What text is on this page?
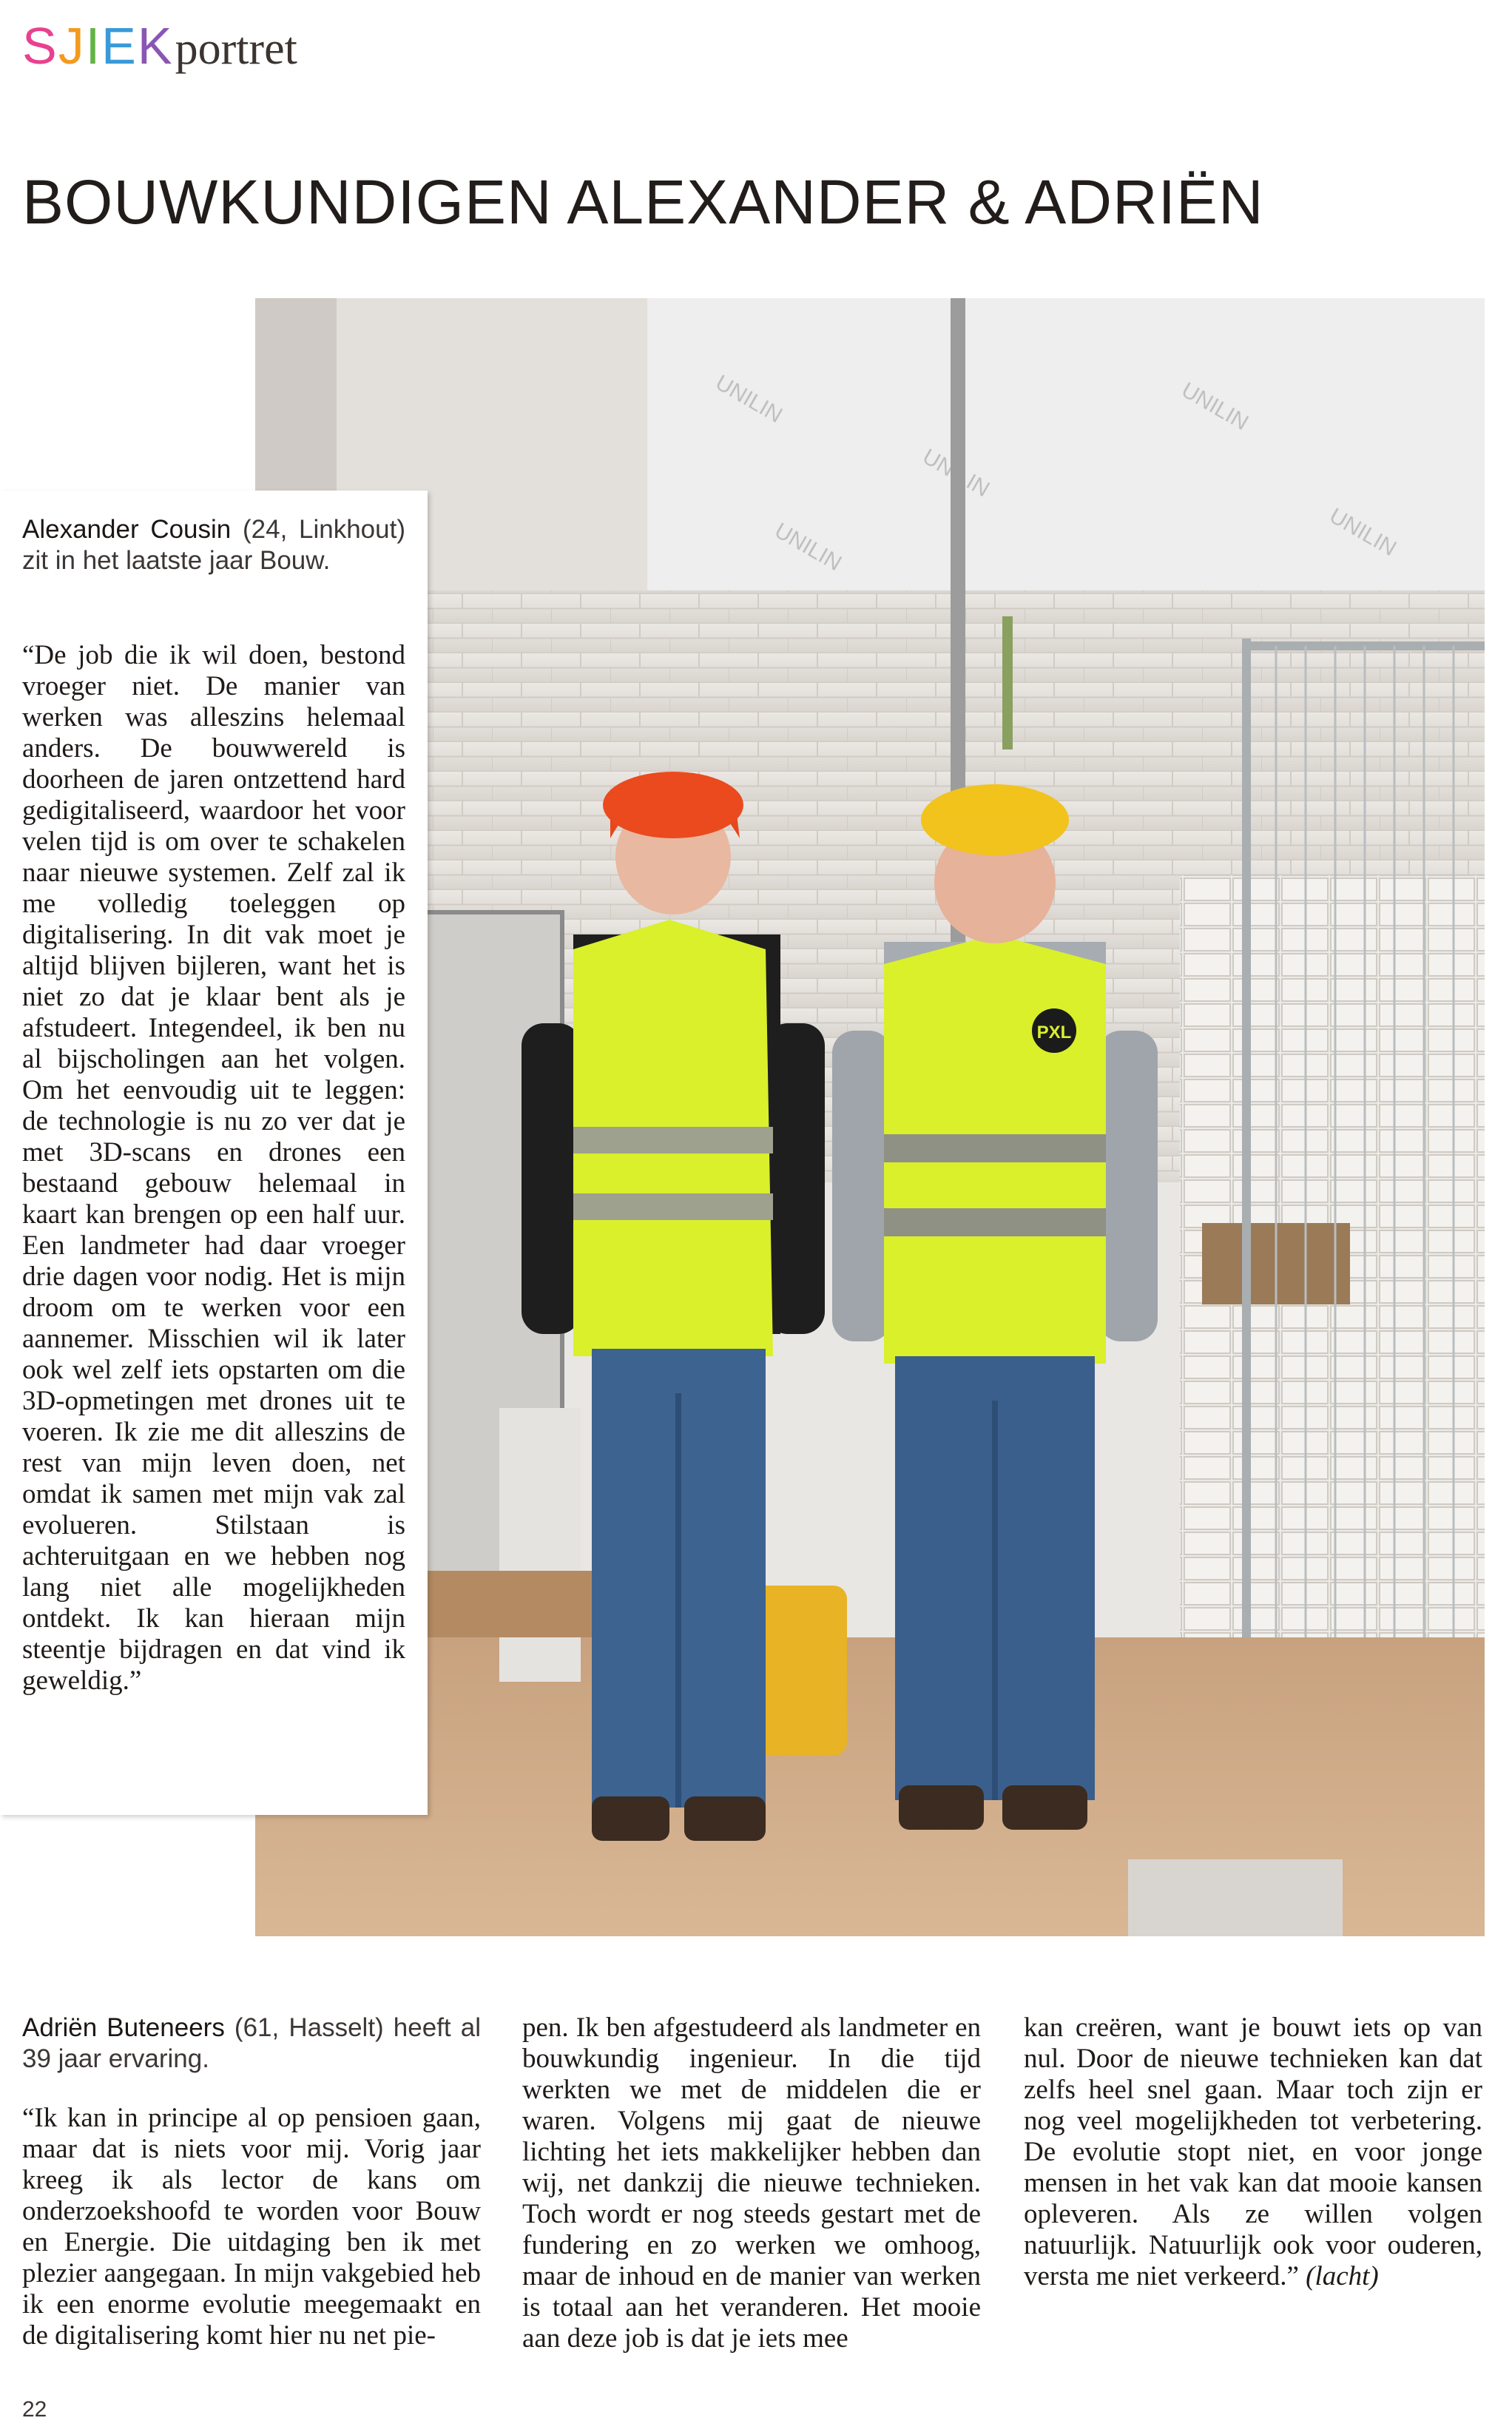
SJIEKportret
BOUWKUNDIGEN ALEXANDER & ADRIËN
UNILIN	UNILIN
UNILIN
UNILIN
PXL

Alexander Cousin (24, Linkhout) zit in het laatste jaar Bouw.

“De job die ik wil doen, bestond vroeger niet. De manier van werken was alleszins helemaal anders. De bouwwereld is doorheen de jaren ontzettend hard gedigitaliseerd, waardoor het voor velen tijd is om over te schakelen naar nieuwe systemen. Zelf zal ik me volledig toeleggen op digitalisering. In dit vak moet je altijd blijven bijleren, want het is niet zo dat je klaar bent als je afstudeert. Integendeel, ik ben nu al bijscholingen aan het volgen. Om het eenvoudig uit te leggen: de technologie is nu zo ver dat je met 3D-scans en drones een bestaand gebouw helemaal in kaart kan brengen op een half uur. Een landmeter had daar vroeger drie dagen voor nodig. Het is mijn droom om te werken voor een aannemer. Misschien wil ik later ook wel zelf iets opstarten om die 3D-opmetingen met drones uit te voeren. Ik zie me dit alleszins de rest van mijn leven doen, net omdat ik samen met mijn vak zal evolueren. Stilstaan is achteruitgaan en we hebben nog lang niet alle mogelijkheden ontdekt. Ik kan hieraan mijn steentje bijdragen en dat vind ik geweldig.”

Adriën Buteneers (61, Hasselt) heeft al 39 jaar ervaring.

“Ik kan in principe al op pensioen gaan, maar dat is niets voor mij. Vorig jaar kreeg ik als lector de kans om onderzoekshoofd te worden voor Bouw en Energie. Die uitdaging ben ik met plezier aangegaan. In mijn vakgebied heb ik een enorme evolutie meegemaakt en de digitalisering komt hier nu net pie-

pen. Ik ben afgestudeerd als landmeter en bouwkundig ingenieur. In die tijd werkten we met de middelen die er waren. Volgens mij gaat de nieuwe lichting het iets makkelijker hebben dan wij, net dankzij die nieuwe technieken. Toch wordt er nog steeds gestart met de fundering en zo werken we omhoog, maar de inhoud en de manier van werken is totaal aan het veranderen. Het mooie aan deze job is dat je iets mee

kan creëren, want je bouwt iets op van nul. Door de nieuwe technieken kan dat zelfs heel snel gaan. Maar toch zijn er nog veel mogelijkheden tot verbetering. De evolutie stopt niet, en voor jonge mensen in het vak kan dat mooie kansen opleveren. Als ze willen volgen natuurlijk. Natuurlijk ook voor ouderen, versta me niet verkeerd.” (lacht)

22
